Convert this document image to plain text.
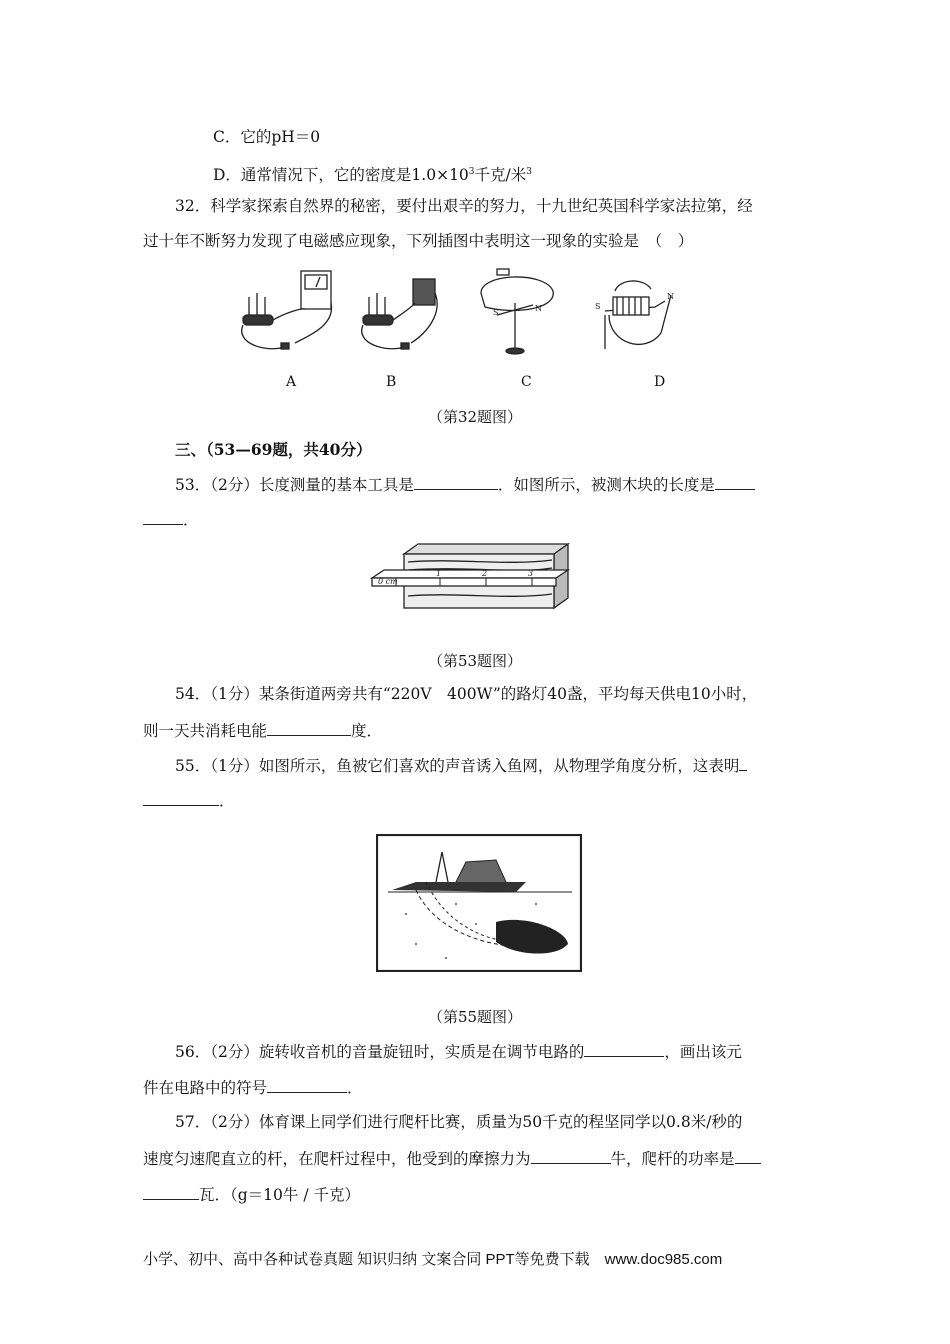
C．它的pH＝0
D．通常情况下，它的密度是$1.0\times 10^3$千克/米$^3$
32．科学家探索自然界的秘密，要付出艰辛的努力，十九世纪英国科学家法拉第，经
过十年不断努力发现了电磁感应现象，下列插图中表明这一现象的实验是　（　）
S	N	S
N
A	B	C	D
（第32题图）
三、（53—69题，共40分）
53．（2分）长度测量的基本工具是	．如图所示，被测木块的长度是
．
0 cm
1	2	3
（第53题图）
54．（1分）某条街道两旁共有“220V　400W”的路灯40盏，平均每天供电10小时，
则一天共消耗电能	度．
55．（1分）如图所示，鱼被它们喜欢的声音诱入鱼网，从物理学角度分析，这表明
．
（第55题图）
56．（2分）旋转收音机的音量旋钮时，实质是在调节电路的	，画出该元
件在电路中的符号	．
57．（2分）体育课上同学们进行爬杆比赛，质量为50千克的程坚同学以0.8米/秒的
速度匀速爬直立的杆，在爬杆过程中，他受到的摩擦力为	牛，爬杆的功率是
瓦．（g＝10牛 / 千克）
小学、初中、高中各种试卷真题 知识归纳 文案合同 PPT等免费下载　www.doc985.com
